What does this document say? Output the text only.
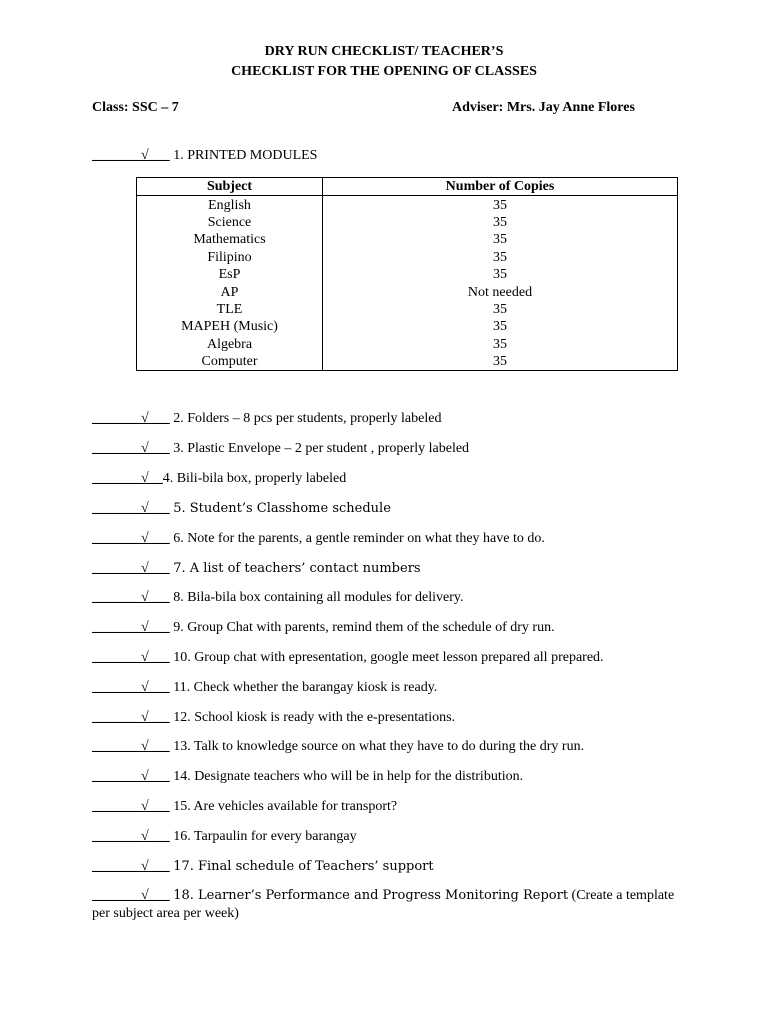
DRY RUN CHECKLIST/ TEACHER’S
CHECKLIST FOR THE OPENING OF CLASSES
Class: SSC – 7	Adviser: Mrs. Jay Anne Flores
_______√___ 1. PRINTED MODULES
Subject	Number of Copies
English	35
Science	35
Mathematics	35
Filipino	35
EsP	35
AP	Not needed
TLE	35
MAPEH (Music)	35
Algebra	35
Computer	35
_______√___ 2. Folders – 8 pcs per students, properly labeled
_______√___ 3. Plastic Envelope – 2 per student , properly labeled
_______√__4. Bili-bila box, properly labeled
_______√___ 5. Student’s Classhome schedule
_______√___ 6. Note for the parents, a gentle reminder on what they have to do.
_______√___ 7. A list of teachers’ contact numbers
_______√___ 8. Bila-bila box containing all modules for delivery.
_______√___ 9. Group Chat with parents, remind them of the schedule of dry run.
_______√___ 10. Group chat with epresentation, google meet lesson prepared all prepared.
_______√___ 11. Check whether the barangay kiosk is ready.
_______√___ 12. School kiosk is ready with the e-presentations.
_______√___ 13. Talk to knowledge source on what they have to do during the dry run.
_______√___ 14. Designate teachers who will be in help for the distribution.
_______√___ 15. Are vehicles available for transport?
_______√___ 16. Tarpaulin for every barangay
_______√___ 17. Final schedule of Teachers’ support
_______√___ 18. Learner’s Performance and Progress Monitoring Report (Create a template per subject area per week)
